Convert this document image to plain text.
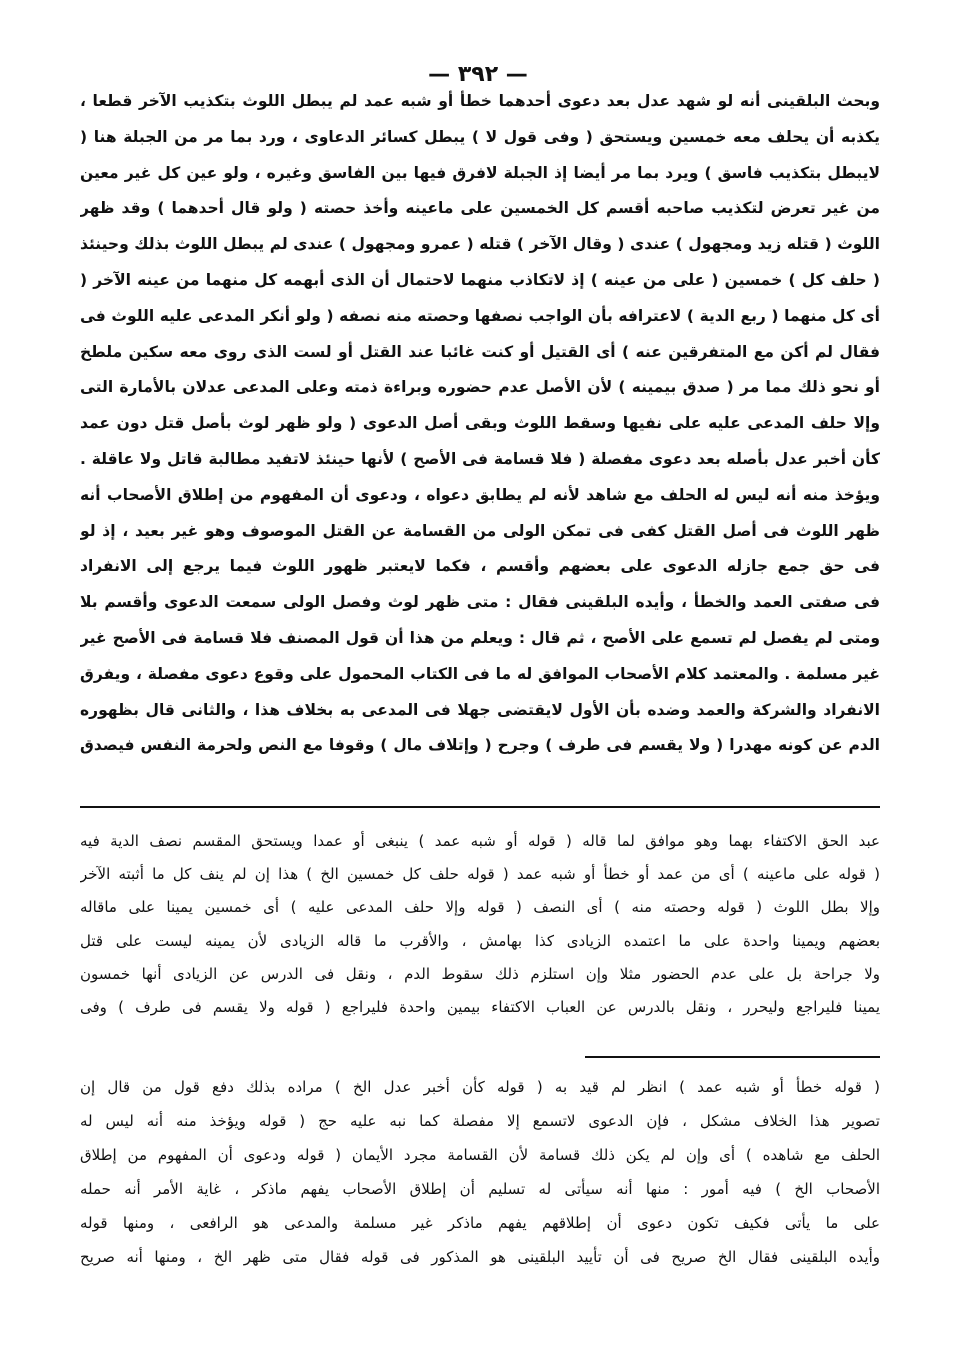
— ٣٩٢ —
وبحث البلقينى أنه لو شهد عدل بعد دعوى أحدهما خطأ أو شبه عمد لم يبطل اللوث بتكذيب الآخر قطعا ،
يكذبه أن يحلف معه خمسين ويستحق ( وفى قول لا ) يبطل كسائر الدعاوى ، ورد بما مر من الجبلة هنا (
لايبطل بتكذيب فاسق ) ويرد بما مر أيضا إذ الجبلة لافرق فيها بين الفاسق وغيره ، ولو عين كل غير معين
من غير تعرض لتكذيب صاحبه أقسم كل الخمسين على ماعينه وأخذ حصته ( ولو قال أحدهما ) وقد ظهر
اللوث ( قتله زيد ومجهول ) عندى ( وقال الآخر ) قتله ( عمرو ومجهول ) عندى لم يبطل اللوث بذلك وحينئذ
( حلف كل ) خمسين ( على من عينه ) إذ لاتكاذب منهما لاحتمال أن الذى أبهمه كل منهما من عينه الآخر (
أى كل منهما ( ربع الدية ) لاعترافه بأن الواجب نصفها وحصته منه نصفه ( ولو أنكر المدعى عليه اللوث فى
فقال لم أكن مع المتفرقين عنه ) أى القتيل أو كنت غائبا عند القتل أو لست الذى روى معه سكين ملطخ
أو نحو ذلك مما مر ( صدق بيمينه ) لأن الأصل عدم حضوره وبراءة ذمته وعلى المدعى عدلان بالأمارة التى
وإلا حلف المدعى عليه على نفيها وسقط اللوث وبقى أصل الدعوى ( ولو ظهر لوث بأصل قتل دون عمد
كأن أخبر عدل بأصله بعد دعوى مفصلة ( فلا قسامة فى الأصح ) لأنها حينئذ لاتفيد مطالبة قاتل ولا عاقلة .
ويؤخذ منه أنه ليس له الحلف مع شاهد لأنه لم يطابق دعواه ، ودعوى أن المفهوم من إطلاق الأصحاب أنه
ظهر اللوث فى أصل القتل كفى فى تمكن الولى من القسامة عن القتل الموصوف وهو غير بعيد ، إذ لو
فى حق جمع جازله الدعوى على بعضهم وأقسم ، فكما لايعتبر ظهور اللوث فيما يرجع إلى الانفراد
فى صفتى العمد والخطأ ، وأيده البلقينى فقال : متى ظهر لوث وفصل الولى سمعت الدعوى وأقسم بلا
ومتى لم يفصل لم تسمع على الأصح ، ثم قال : ويعلم من هذا أن قول المصنف فلا قسامة فى الأصح غير
غير مسلمة . والمعتمد كلام الأصحاب الموافق له ما فى الكتاب المحمول على وقوع دعوى مفصلة ، ويفرق
الانفراد والشركة والعمد وضده بأن الأول لايقتضى جهلا فى المدعى به بخلاف هذا ، والثانى قال بظهوره
الدم عن كونه مهدرا ( ولا يقسم فى طرف ) وجرح ( وإتلاف مال ) وقوفا مع النص ولحرمة النفس فيصدق
عبد الحق الاكتفاء بهما وهو موافق لما قاله ( قوله أو شبه عمد ) ينبغى أو عمدا ويستحق المقسم نصف الدية فيه
( قوله على ماعينه ) أى من عمد أو خطأ أو شبه عمد ( قوله حلف كل خمسين الخ ) هذا إن لم ينف كل ما أثبته الآخر
وإلا بطل اللوث ( قوله وحصته منه ) أى النصف ( قوله وإلا حلف المدعى عليه ) أى خمسين يمينا على ماقاله
بعضهم ويمينا واحدة على ما اعتمده الزيادى كذا بهامش ، والأقرب ما قاله الزيادى لأن يمينه ليست على قتل
ولا جراحة بل على عدم الحضور مثلا وإن استلزم ذلك سقوط الدم ، ونقل فى الدرس عن الزيادى أنها خمسون
يمينا فليراجع وليحرر ، ونقل بالدرس عن العباب الاكتفاء بيمين واحدة فليراجع ( قوله ولا يقسم فى طرف ) وفى
( قوله خطأ أو شبه عمد ) انظر لم قيد به ( قوله كأن أخبر عدل الخ ) مراده بذلك دفع قول من قال إن
تصوير هذا الخلاف مشكل ، فإن الدعوى لاتسمع إلا مفصلة كما نبه عليه حج ( قوله ويؤخذ منه أنه ليس له
الحلف مع شاهده ) أى وإن لم يكن ذلك قسامة لأن القسامة مجرد الأيمان ( قوله ودعوى أن المفهوم من إطلاق
الأصحاب الخ ) فيه أمور : منها أنه سيأتى له تسليم أن إطلاق الأصحاب يفهم ماذكر ، غاية الأمر أنه حمله
على ما يأتى فكيف تكون دعوى أن إطلاقهم يفهم ماذكر غير مسلمة والمدعى هو الرافعى ، ومنها قوله
وأيده البلقينى فقال الخ صريح فى أن تأييد البلقينى هو المذكور فى قوله فقال متى ظهر الخ ، ومنها أنه صريح
